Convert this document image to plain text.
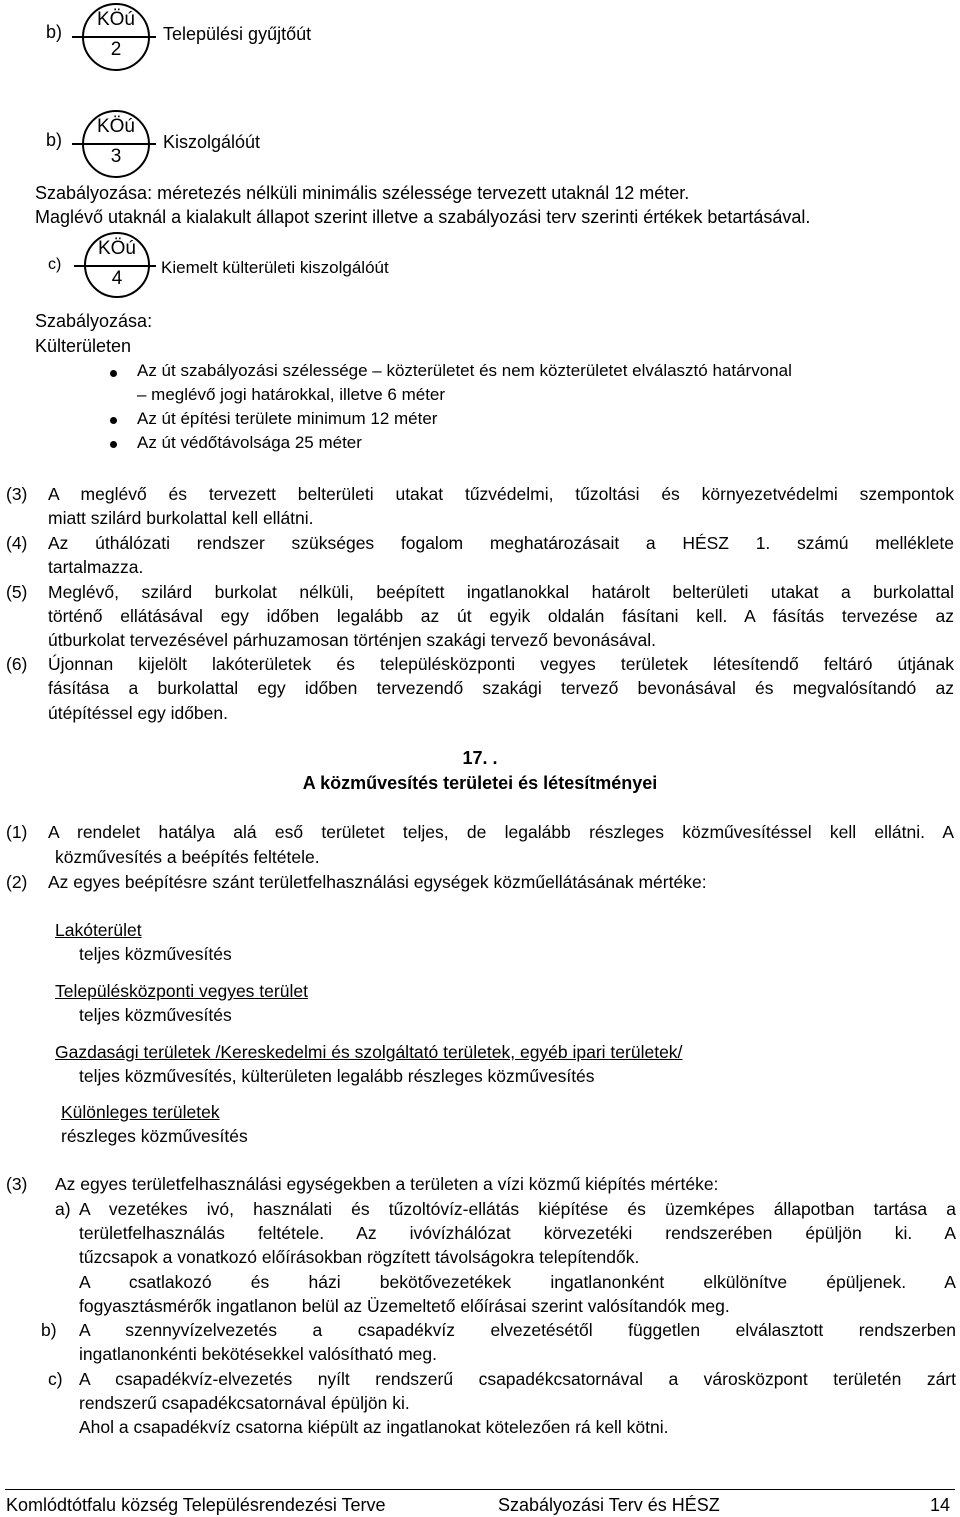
b)
KÖú
2
Települési gyűjtőút
b)
KÖú
3
Kiszolgálóút
Szabályozása: méretezés nélküli minimális szélessége tervezett utaknál 12 méter.
Maglévő utaknál a kialakult állapot szerint illetve a szabályozási terv szerinti értékek betartásával.
c)
KÖú
4
Kiemelt külterületi kiszolgálóút
Szabályozása:
Külterületen
Az út szabályozási szélessége – közterületet és nem közterületet elválasztó határvonal
– meglévő jogi határokkal, illetve 6 méter
Az út építési területe minimum 12 méter
Az út védőtávolsága 25 méter
(3) A meglévő és tervezett belterületi utakat tűzvédelmi, tűzoltási és környezetvédelmi szempontok
miatt szilárd burkolattal kell ellátni.
(4) Az úthálózati rendszer szükséges fogalom meghatározásait a HÉSZ 1. számú melléklete
tartalmazza.
(5) Meglévő, szilárd burkolat nélküli, beépített ingatlanokkal határolt belterületi utakat a burkolattal
történő ellátásával egy időben legalább az út egyik oldalán fásítani kell. A fásítás tervezése az
útburkolat tervezésével párhuzamosan történjen szakági tervező bevonásával.
(6) Újonnan kijelölt lakóterületek és településközponti vegyes területek létesítendő feltáró útjának
fásítása a burkolattal egy időben tervezendő szakági tervező bevonásával és megvalósítandó az
útépítéssel egy időben.
17. .
A közművesítés területei és létesítményei
(1) A rendelet hatálya alá eső területet teljes, de legalább részleges közművesítéssel kell ellátni. A
közművesítés a beépítés feltétele.
(2) Az egyes beépítésre szánt területfelhasználási egységek közműellátásának mértéke:
Lakóterület
teljes közművesítés
Településközponti vegyes terület
teljes közművesítés
Gazdasági területek /Kereskedelmi és szolgáltató területek, egyéb ipari területek/
teljes közművesítés, külterületen legalább részleges közművesítés
Különleges területek
részleges közművesítés
(3) Az egyes területfelhasználási egységekben a területen a vízi közmű kiépítés mértéke:
a) A vezetékes ivó, használati és tűzoltóvíz-ellátás kiépítése és üzemképes állapotban tartása a
területfelhasználás feltétele. Az ivóvízhálózat körvezetéki rendszerében épüljön ki. A
tűzcsapok a vonatkozó előírásokban rögzített távolságokra telepítendők.
A csatlakozó és házi bekötővezetékek ingatlanonként elkülönítve épüljenek. A
fogyasztásmérők ingatlanon belül az Üzemeltető előírásai szerint valósítandók meg.
b) A szennyvízelvezetés a csapadékvíz elvezetésétől független elválasztott rendszerben
ingatlanonkénti bekötésekkel valósítható meg.
c) A csapadékvíz-elvezetés nyílt rendszerű csapadékcsatornával a városközpont területén zárt
rendszerű csapadékcsatornával épüljön ki.
Ahol a csapadékvíz csatorna kiépült az ingatlanokat kötelezően rá kell kötni.
Komlódtótfalu község Településrendezési Terve	Szabályozási Terv és HÉSZ	14
